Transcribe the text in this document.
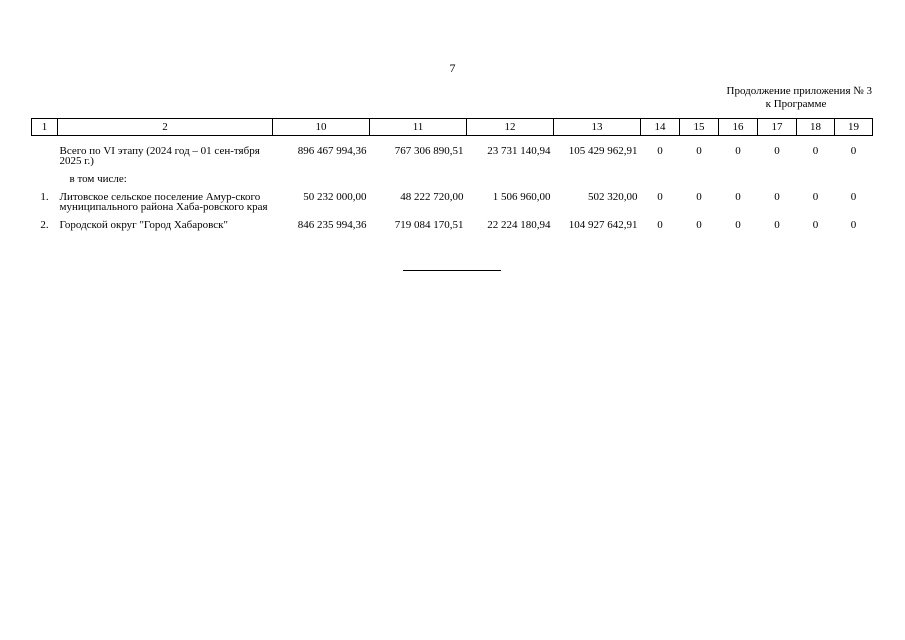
7
Продолжение приложения № 3
к Программе
1	2	10	11	12	13	14	15	16	17	18	19

	Всего по VI этапу (2024 год – 01 сен-тября 2025 г.)	896 467 994,36	767 306 890,51	23 731 140,94	105 429 962,91	0	0	0	0	0	0
	в том числе:										
1.	Литовское сельское поселение Амур-ского муниципального района Хаба-ровского края	50 232 000,00	48 222 720,00	1 506 960,00	502 320,00	0	0	0	0	0	0
2.	Городской округ "Город Хабаровск"	846 235 994,36	719 084 170,51	22 224 180,94	104 927 642,91	0	0	0	0	0	0
